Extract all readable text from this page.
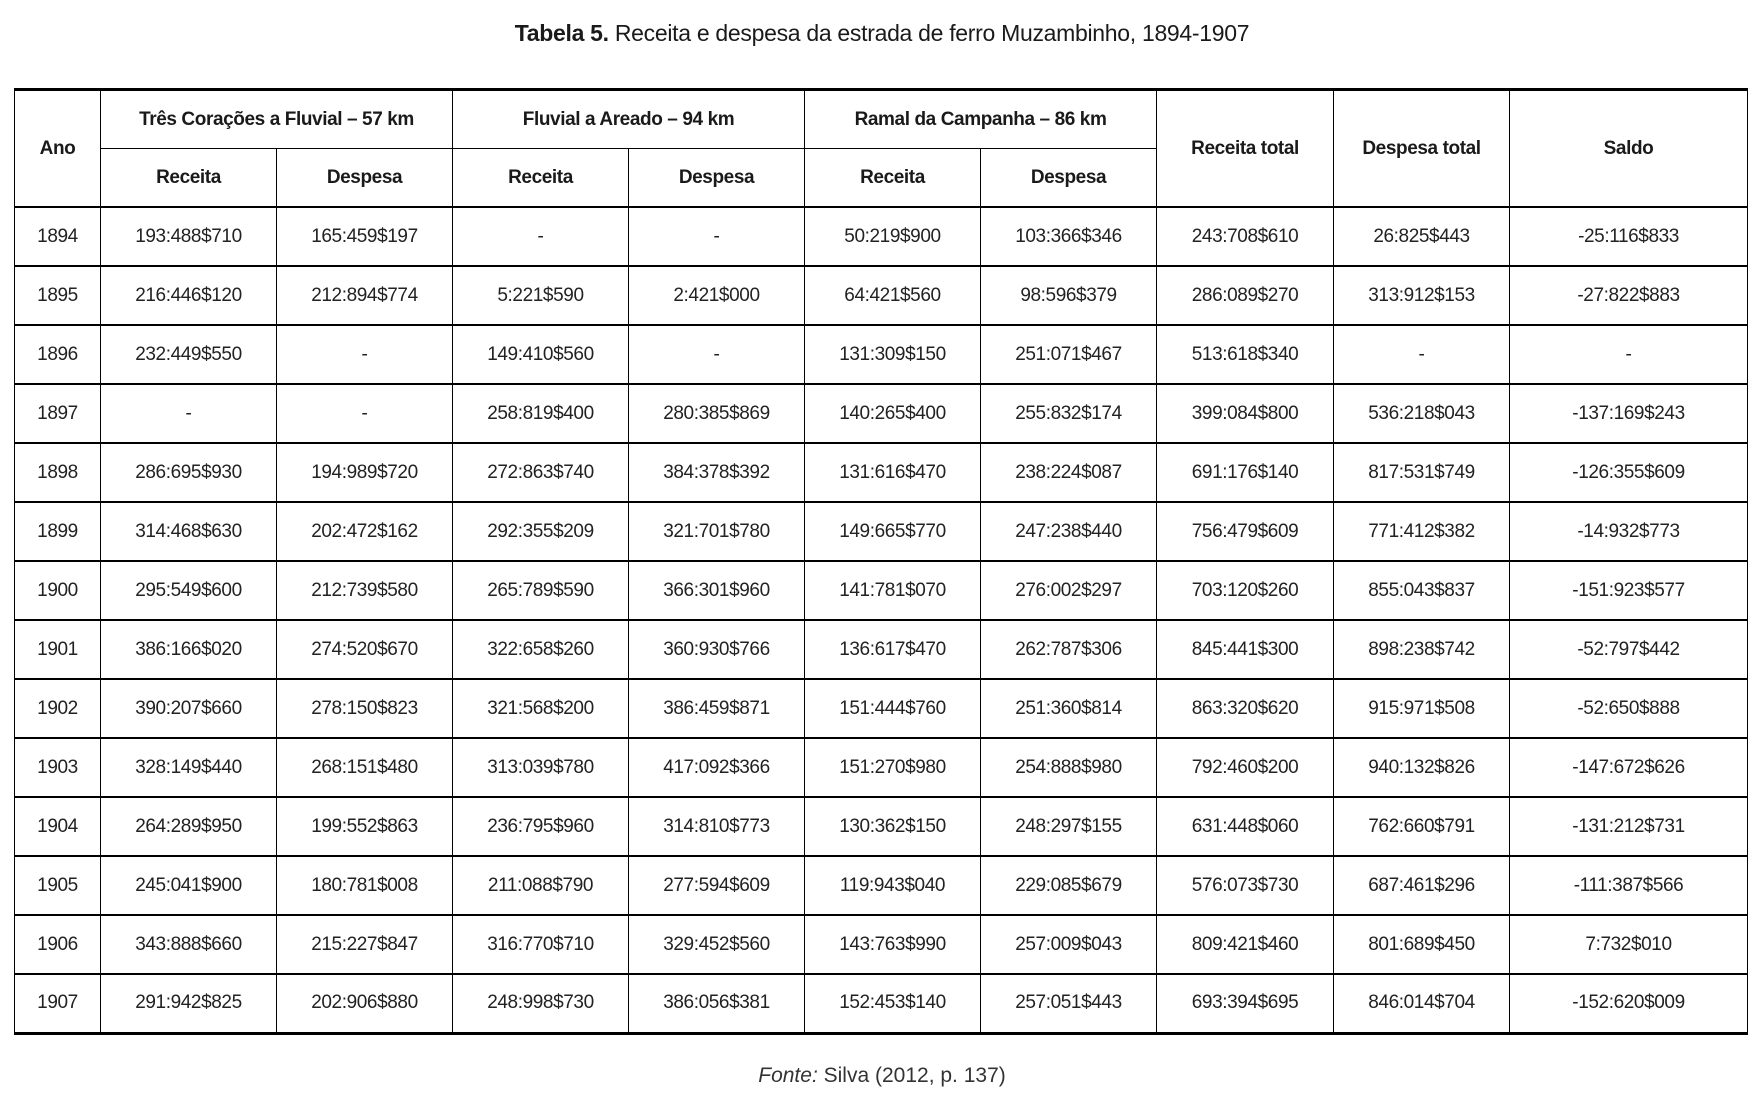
Tabela 5. Receita e despesa da estrada de ferro Muzambinho, 1894-1907
Ano	Três Corações a Fluvial – 57 km		Fluvial a Areado – 94 km		Ramal da Campanha – 86 km		Receita total	Despesa total	Saldo
	Receita	Despesa	Receita	Despesa	Receita	Despesa			
1894	193:488$710	165:459$197	-	-	50:219$900	103:366$346	243:708$610	26:825$443	-25:116$833
1895	216:446$120	212:894$774	5:221$590	2:421$000	64:421$560	98:596$379	286:089$270	313:912$153	-27:822$883
1896	232:449$550	-	149:410$560	-	131:309$150	251:071$467	513:618$340	-	-
1897	-	-	258:819$400	280:385$869	140:265$400	255:832$174	399:084$800	536:218$043	-137:169$243
1898	286:695$930	194:989$720	272:863$740	384:378$392	131:616$470	238:224$087	691:176$140	817:531$749	-126:355$609
1899	314:468$630	202:472$162	292:355$209	321:701$780	149:665$770	247:238$440	756:479$609	771:412$382	-14:932$773
1900	295:549$600	212:739$580	265:789$590	366:301$960	141:781$070	276:002$297	703:120$260	855:043$837	-151:923$577
1901	386:166$020	274:520$670	322:658$260	360:930$766	136:617$470	262:787$306	845:441$300	898:238$742	-52:797$442
1902	390:207$660	278:150$823	321:568$200	386:459$871	151:444$760	251:360$814	863:320$620	915:971$508	-52:650$888
1903	328:149$440	268:151$480	313:039$780	417:092$366	151:270$980	254:888$980	792:460$200	940:132$826	-147:672$626
1904	264:289$950	199:552$863	236:795$960	314:810$773	130:362$150	248:297$155	631:448$060	762:660$791	-131:212$731
1905	245:041$900	180:781$008	211:088$790	277:594$609	119:943$040	229:085$679	576:073$730	687:461$296	-111:387$566
1906	343:888$660	215:227$847	316:770$710	329:452$560	143:763$990	257:009$043	809:421$460	801:689$450	7:732$010
1907	291:942$825	202:906$880	248:998$730	386:056$381	152:453$140	257:051$443	693:394$695	846:014$704	-152:620$009
Fonte: Silva (2012, p. 137)
